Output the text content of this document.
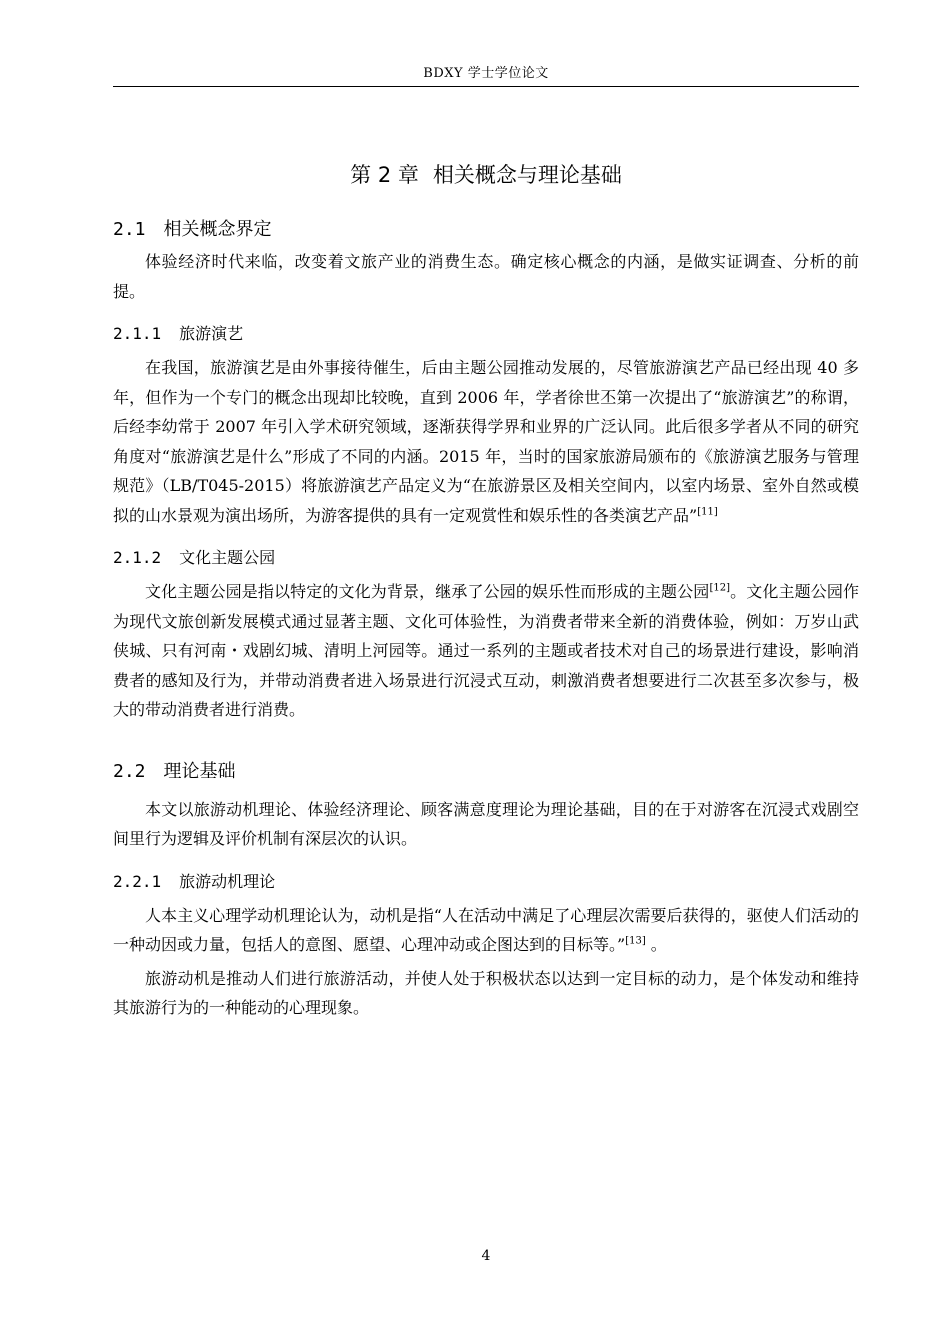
BDXY 学士学位论文
第 2 章 相关概念与理论基础
2.1 相关概念界定

体验经济时代来临，改变着文旅产业的消费生态。确定核心概念的内涵，是做实证调查、分析的前提。

2.1.1 旅游演艺

在我国，旅游演艺是由外事接待催生，后由主题公园推动发展的，尽管旅游演艺产品已经出现 40 多年，但作为一个专门的概念出现却比较晚，直到 2006 年，学者徐世丕第一次提出了“旅游演艺”的称谓，后经李幼常于 2007 年引入学术研究领域，逐渐获得学界和业界的广泛认同。此后很多学者从不同的研究角度对“旅游演艺是什么”形成了不同的内涵。2015 年，当时的国家旅游局颁布的《旅游演艺服务与管理规范》（LB/T045-2015）将旅游演艺产品定义为“在旅游景区及相关空间内，以室内场景、室外自然或模拟的山水景观为演出场所，为游客提供的具有一定观赏性和娱乐性的各类演艺产品”[11]

2.1.2 文化主题公园

文化主题公园是指以特定的文化为背景，继承了公园的娱乐性而形成的主题公园[12]。文化主题公园作为现代文旅创新发展模式通过显著主题、文化可体验性，为消费者带来全新的消费体验，例如：万岁山武侠城、只有河南・戏剧幻城、清明上河园等。通过一系列的主题或者技术对自己的场景进行建设，影响消费者的感知及行为，并带动消费者进入场景进行沉浸式互动，刺激消费者想要进行二次甚至多次参与，极大的带动消费者进行消费。

2.2 理论基础

本文以旅游动机理论、体验经济理论、顾客满意度理论为理论基础，目的在于对游客在沉浸式戏剧空间里行为逻辑及评价机制有深层次的认识。

2.2.1 旅游动机理论

人本主义心理学动机理论认为，动机是指“人在活动中满足了心理层次需要后获得的，驱使人们活动的一种动因或力量，包括人的意图、愿望、心理冲动或企图达到的目标等。”[13] 。

旅游动机是推动人们进行旅游活动，并使人处于积极状态以达到一定目标的动力，是个体发动和维持其旅游行为的一种能动的心理现象。

4
